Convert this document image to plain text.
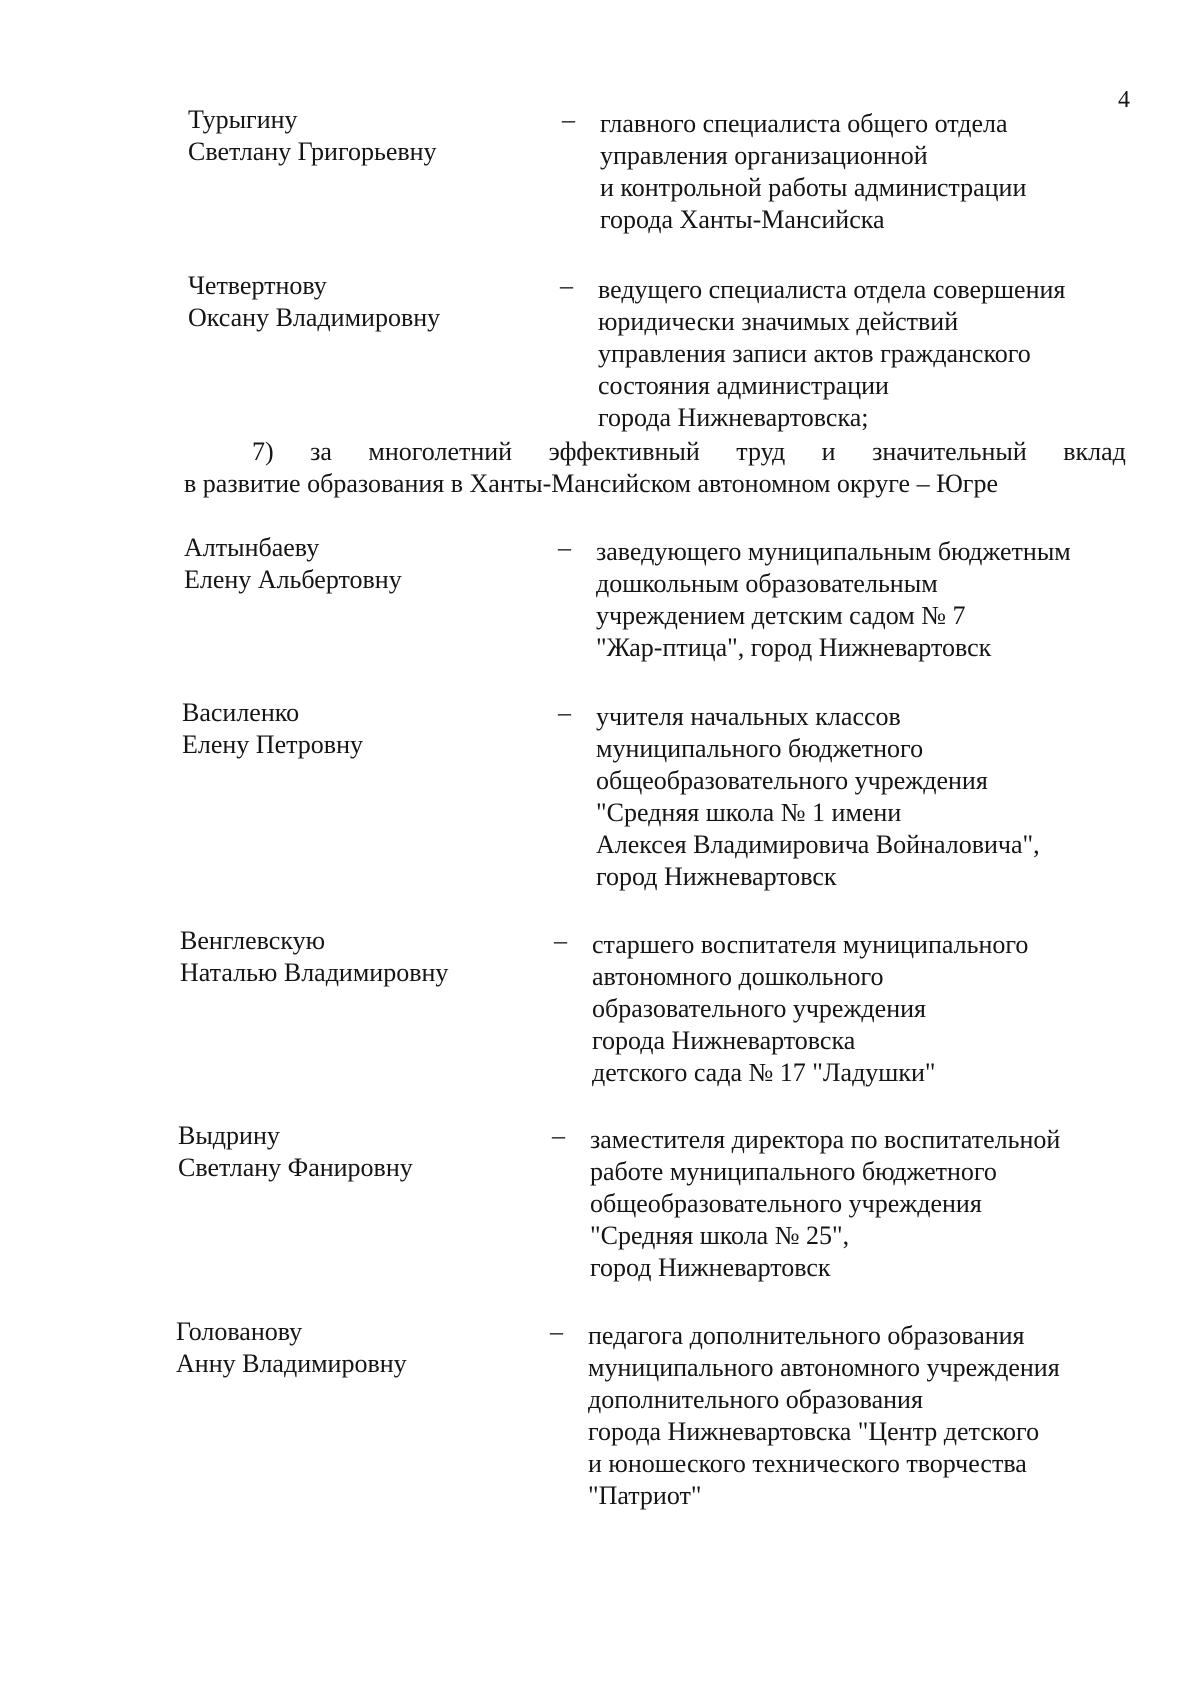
4
Турыгину
Светлану Григорьевну
– главного специалиста общего отдела
управления организационной
и контрольной работы администрации
города Ханты-Мансийска
Четвертнову
Оксану Владимировну
– ведущего специалиста отдела совершения
юридически значимых действий
управления записи актов гражданского
состояния администрации
города Нижневартовска;
7) за многолетний эффективный труд и значительный вклад
в развитие образования в Ханты-Мансийском автономном округе – Югре
Алтынбаеву
Елену Альбертовну
– заведующего муниципальным бюджетным
дошкольным образовательным
учреждением детским садом № 7
"Жар-птица", город Нижневартовск
Василенко
Елену Петровну
– учителя начальных классов
муниципального бюджетного
общеобразовательного учреждения
"Средняя школа № 1 имени
Алексея Владимировича Войналовича",
город Нижневартовск
Венглевскую
Наталью Владимировну
– старшего воспитателя муниципального
автономного дошкольного
образовательного учреждения
города Нижневартовска
детского сада № 17 "Ладушки"
Выдрину
Светлану Фанировну
– заместителя директора по воспитательной
работе муниципального бюджетного
общеобразовательного учреждения
"Средняя школа № 25",
город Нижневартовск
Голованову
Анну Владимировну
– педагога дополнительного образования
муниципального автономного учреждения
дополнительного образования
города Нижневартовска "Центр детского
и юношеского технического творчества
"Патриот"
